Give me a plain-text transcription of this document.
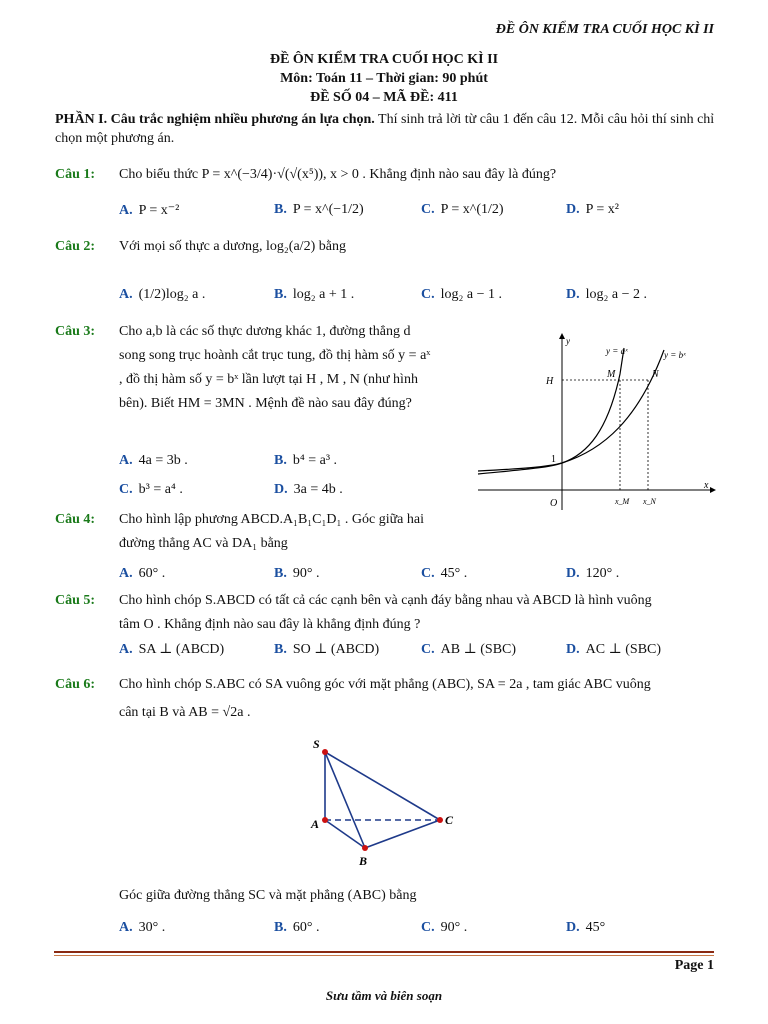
ĐỀ ÔN KIỂM TRA CUỐI HỌC KÌ II
ĐỀ ÔN KIỂM TRA CUỐI HỌC KÌ II
Môn: Toán 11 – Thời gian: 90 phút
ĐỀ SỐ 04 – MÃ ĐỀ: 411
PHẦN I. Câu trắc nghiệm nhiều phương án lựa chọn. Thí sinh trả lời từ câu 1 đến câu 12. Mỗi câu hỏi thí sinh chỉ chọn một phương án.
Câu 1: Cho biểu thức P = x^(−3/4)·√(√(x⁵)), x > 0 . Khẳng định nào sau đây là đúng?
A. P = x⁻²	B. P = x^(−1/2)	C. P = x^(1/2)	D. P = x²
Câu 2: Với mọi số thực a dương, log₂(a/2) bằng
A. (1/2)log₂ a .	B. log₂ a + 1 .	C. log₂ a − 1 .	D. log₂ a − 2 .
Câu 3: Cho a,b là các số thực dương khác 1, đường thẳng d
song song trục hoành cắt trục tung, đồ thị hàm số y = aˣ
, đồ thị hàm số y = bˣ lần lượt tại H , M , N (như hình
bên). Biết HM = 3MN . Mệnh đề nào sau đây đúng?
A. 4a = 3b .	B. b⁴ = a³ .
C. b³ = a⁴ .	D. 3a = 4b .
y
x
y = aˣ	y = bˣ
H
M	N
1
O	x_M x_N
Câu 4: Cho hình lập phương ABCD.A₁B₁C₁D₁ . Góc giữa hai
đường thẳng AC và DA₁ bằng
A. 60° .	B. 90° .	C. 45° .	D. 120° .
Câu 5: Cho hình chóp S.ABCD có tất cả các cạnh bên và cạnh đáy bằng nhau và ABCD là hình vuông
tâm O . Khẳng định nào sau đây là khẳng định đúng ?
A. SA ⊥ (ABCD)	B. SO ⊥ (ABCD)	C. AB ⊥ (SBC)	D. AC ⊥ (SBC)
Câu 6: Cho hình chóp S.ABC có SA vuông góc với mặt phẳng (ABC), SA = 2a , tam giác ABC vuông
cân tại B và AB = √2a .
S
A
B
C
Góc giữa đường thẳng SC và mặt phẳng (ABC) bằng
A. 30° .	B. 60° .	C. 90° .	D. 45°
Page 1
Sưu tầm và biên soạn
